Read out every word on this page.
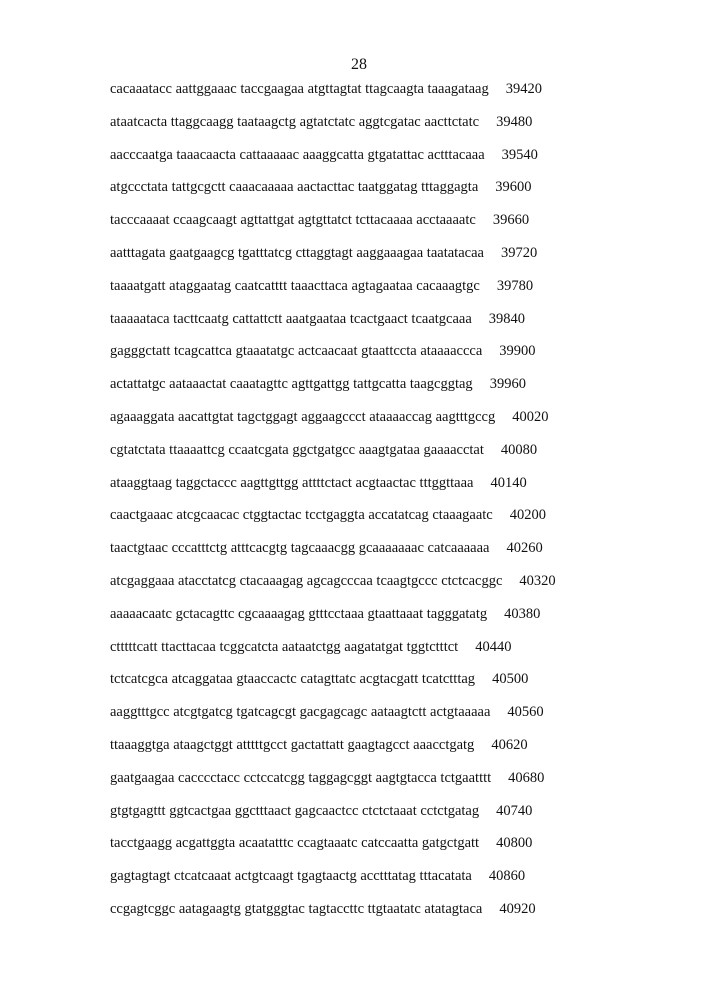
28
cacaaatacc aattggaaac taccgaagaa atgttagtat ttagcaagta taaagataag 39420
ataatcacta ttaggcaagg taataagctg agtatctatc aggtcgatac aacttctatc 39480
aacccaatga taaacaacta cattaaaaac aaaggcatta gtgatattac actttacaaa 39540
atgccctata tattgcgctt caaacaaaaa aactacttac taatggatag tttaggagta 39600
tacccaaaat ccaagcaagt agttattgat agtgttatct tcttacaaaa acctaaaatc 39660
aatttagata gaatgaagcg tgatttatcg cttaggtagt aaggaaagaa taatatacaa 39720
taaaatgatt ataggaatag caatcatttt taaacttaca agtagaataa cacaaagtgc 39780
taaaaataca tacttcaatg cattattctt aaatgaataa tcactgaact tcaatgcaaa 39840
gagggctatt tcagcattca gtaaatatgc actcaacaat gtaattccta ataaaaccca 39900
actattatgc aataaactat caaatagttc agttgattgg tattgcatta taagcggtag 39960
agaaaggata aacattgtat tagctggagt aggaagccct ataaaaccag aagtttgccg 40020
cgtatctata ttaaaattcg ccaatcgata ggctgatgcc aaagtgataa gaaaacctat 40080
ataaggtaag taggctaccc aagttgttgg attttctact acgtaactac tttggttaaa 40140
caactgaaac atcgcaacac ctggtactac tcctgaggta accatatcag ctaaagaatc 40200
taactgtaac cccatttctg atttcacgtg tagcaaacgg gcaaaaaaac catcaaaaaa 40260
atcgaggaaa atacctatcg ctacaaagag agcagcccaa tcaagtgccc ctctcacggc 40320
aaaaacaatc gctacagttc cgcaaaagag gtttcctaaa gtaattaaat tagggatatg 40380
ctttttcatt ttacttacaa tcggcatcta aataatctgg aagatatgat tggtctttct 40440
tctcatcgca atcaggataa gtaaccactc catagttatc acgtacgatt tcatctttag 40500
aaggtttgcc atcgtgatcg tgatcagcgt gacgagcagc aataagtctt actgtaaaaa 40560
ttaaaggtga ataagctggt atttttgcct gactattatt gaagtagcct aaacctgatg 40620
gaatgaagaa cacccctacc cctccatcgg taggagcggt aagtgtacca tctgaatttt 40680
gtgtgagttt ggtcactgaa ggctttaact gagcaactcc ctctctaaat cctctgatag 40740
tacctgaagg acgattggta acaatatttc ccagtaaatc catccaatta gatgctgatt 40800
gagtagtagt ctcatcaaat actgtcaagt tgagtaactg acctttatag tttacatata 40860
ccgagtcggc aatagaagtg gtatgggtac tagtaccttc ttgtaatatc atatagtaca 40920
